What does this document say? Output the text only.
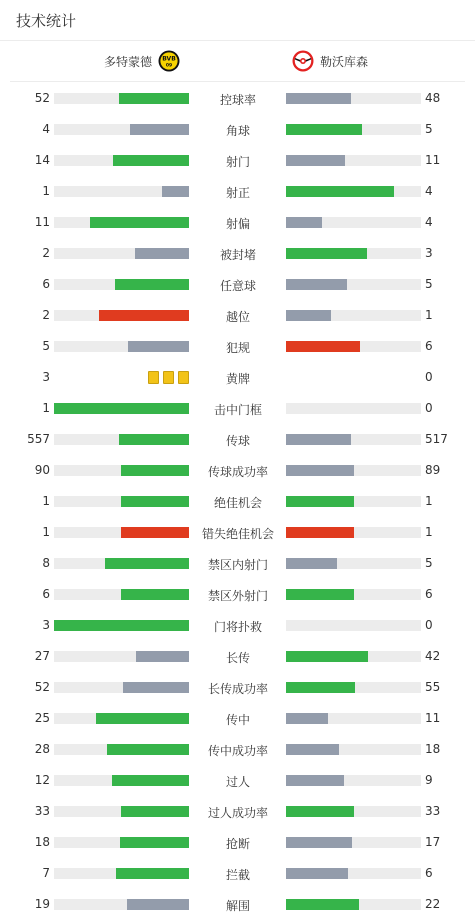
技术统计
多特蒙德 BVB
09	勒沃库森
52	控球率	48
4	角球	5
14	射门	11
1	射正	4
11	射偏	4
2	被封堵	3
6	任意球	5
2	越位	1
5	犯规	6
3	黄牌	0
1	击中门框	0
557	传球	517
90	传球成功率	89
1	绝佳机会	1
1	错失绝佳机会	1
8	禁区内射门	5
6	禁区外射门	6
3	门将扑救	0
27	长传	42
52	长传成功率	55
25	传中	11
28	传中成功率	18
12	过人	9
33	过人成功率	33
18	抢断	17
7	拦截	6
19	解围	22
